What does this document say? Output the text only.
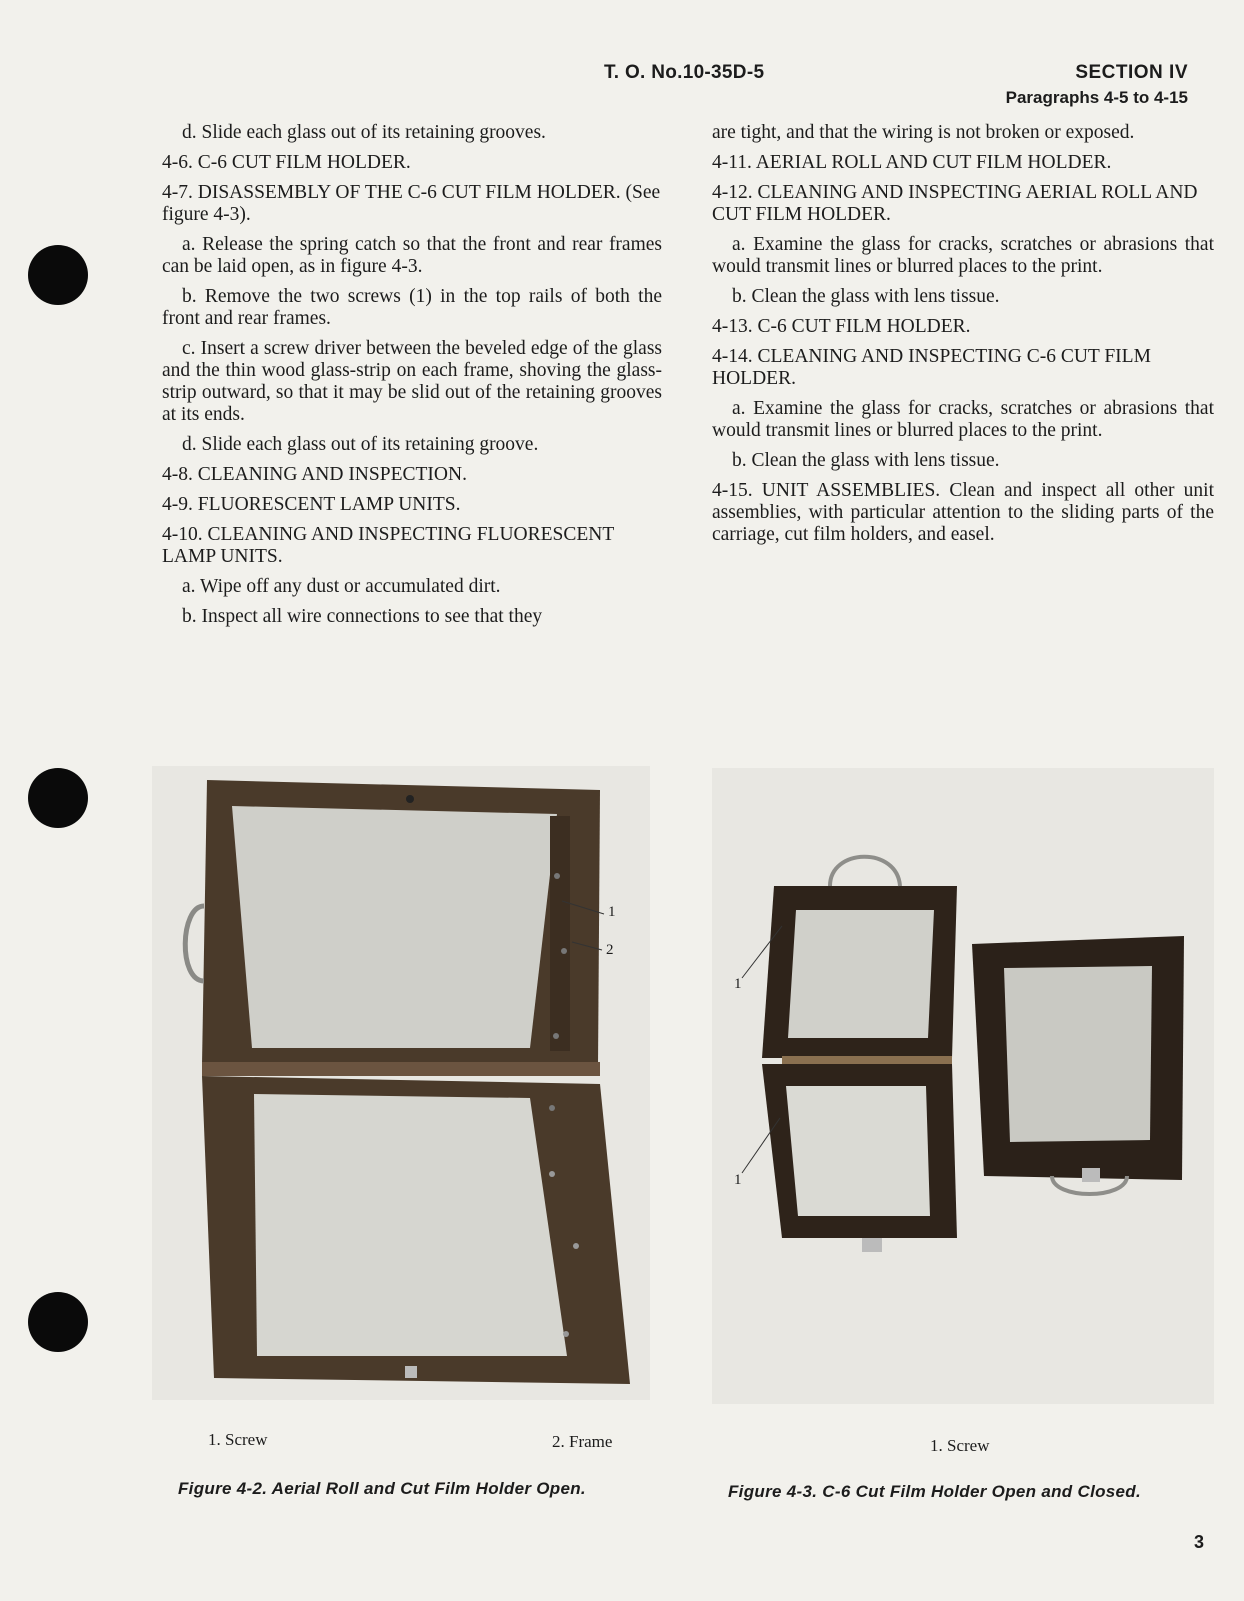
T. O. No.10-35D-5	SECTION IV
Paragraphs 4-5 to 4-15

d. Slide each glass out of its retaining grooves.

4-6. C-6 CUT FILM HOLDER.

4-7. DISASSEMBLY OF THE C-6 CUT FILM HOLDER. (See figure 4-3).

a. Release the spring catch so that the front and rear frames can be laid open, as in figure 4-3.

b. Remove the two screws (1) in the top rails of both the front and rear frames.

c. Insert a screw driver between the beveled edge of the glass and the thin wood glass-strip on each frame, shoving the glass-strip outward, so that it may be slid out of the retaining grooves at its ends.

d. Slide each glass out of its retaining groove.

4-8. CLEANING AND INSPECTION.

4-9. FLUORESCENT LAMP UNITS.

4-10. CLEANING AND INSPECTING FLUORESCENT LAMP UNITS.

a. Wipe off any dust or accumulated dirt.

b. Inspect all wire connections to see that they

are tight, and that the wiring is not broken or exposed.

4-11. AERIAL ROLL AND CUT FILM HOLDER.

4-12. CLEANING AND INSPECTING AERIAL ROLL AND CUT FILM HOLDER.

a. Examine the glass for cracks, scratches or abrasions that would transmit lines or blurred places to the print.

b. Clean the glass with lens tissue.

4-13. C-6 CUT FILM HOLDER.

4-14. CLEANING AND INSPECTING C-6 CUT FILM HOLDER.

a. Examine the glass for cracks, scratches or abrasions that would transmit lines or blurred places to the print.

b. Clean the glass with lens tissue.

4-15. UNIT ASSEMBLIES. Clean and inspect all other unit assemblies, with particular attention to the sliding parts of the carriage, cut film holders, and easel.

1
2
1. Screw	2. Frame
Figure 4-2. Aerial Roll and Cut Film Holder Open.
1
1
1. Screw
Figure 4-3. C-6 Cut Film Holder Open and Closed.
3
